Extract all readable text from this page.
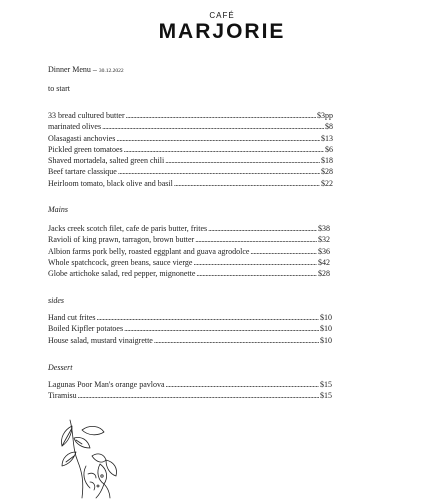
CAFÉ
MARJORIE
Dinner Menu – 30.12.2022
to start
33 bread cultured butter .....	$3pp
marinated olives .....	$8
Olasagasti anchovies .....	$13
Pickled green tomatoes .....	$6
Shaved mortadela, salted green chili .....	$18
Beef tartare classique .....	$28
Heirloom tomato, black olive and basil .....	$22
Mains
Jacks creek scotch filet, cafe de paris butter, frites .....	$38
Ravioli of king prawn, tarragon, brown butter .....	$32
Albion farms pork belly, roasted eggplant and guava agrodolce .....	$36
Whole spatchcock, green beans, sauce vierge .....	$42
Globe artichoke salad, red pepper, mignonette .....	$28
sides
Hand cut frites .....	$10
Boiled Kipfler potatoes .....	$10
House salad, mustard vinaigrette .....	$10
Dessert
Lagunas Poor Man's orange pavlova .....	$15
Tiramisu .....	$15
